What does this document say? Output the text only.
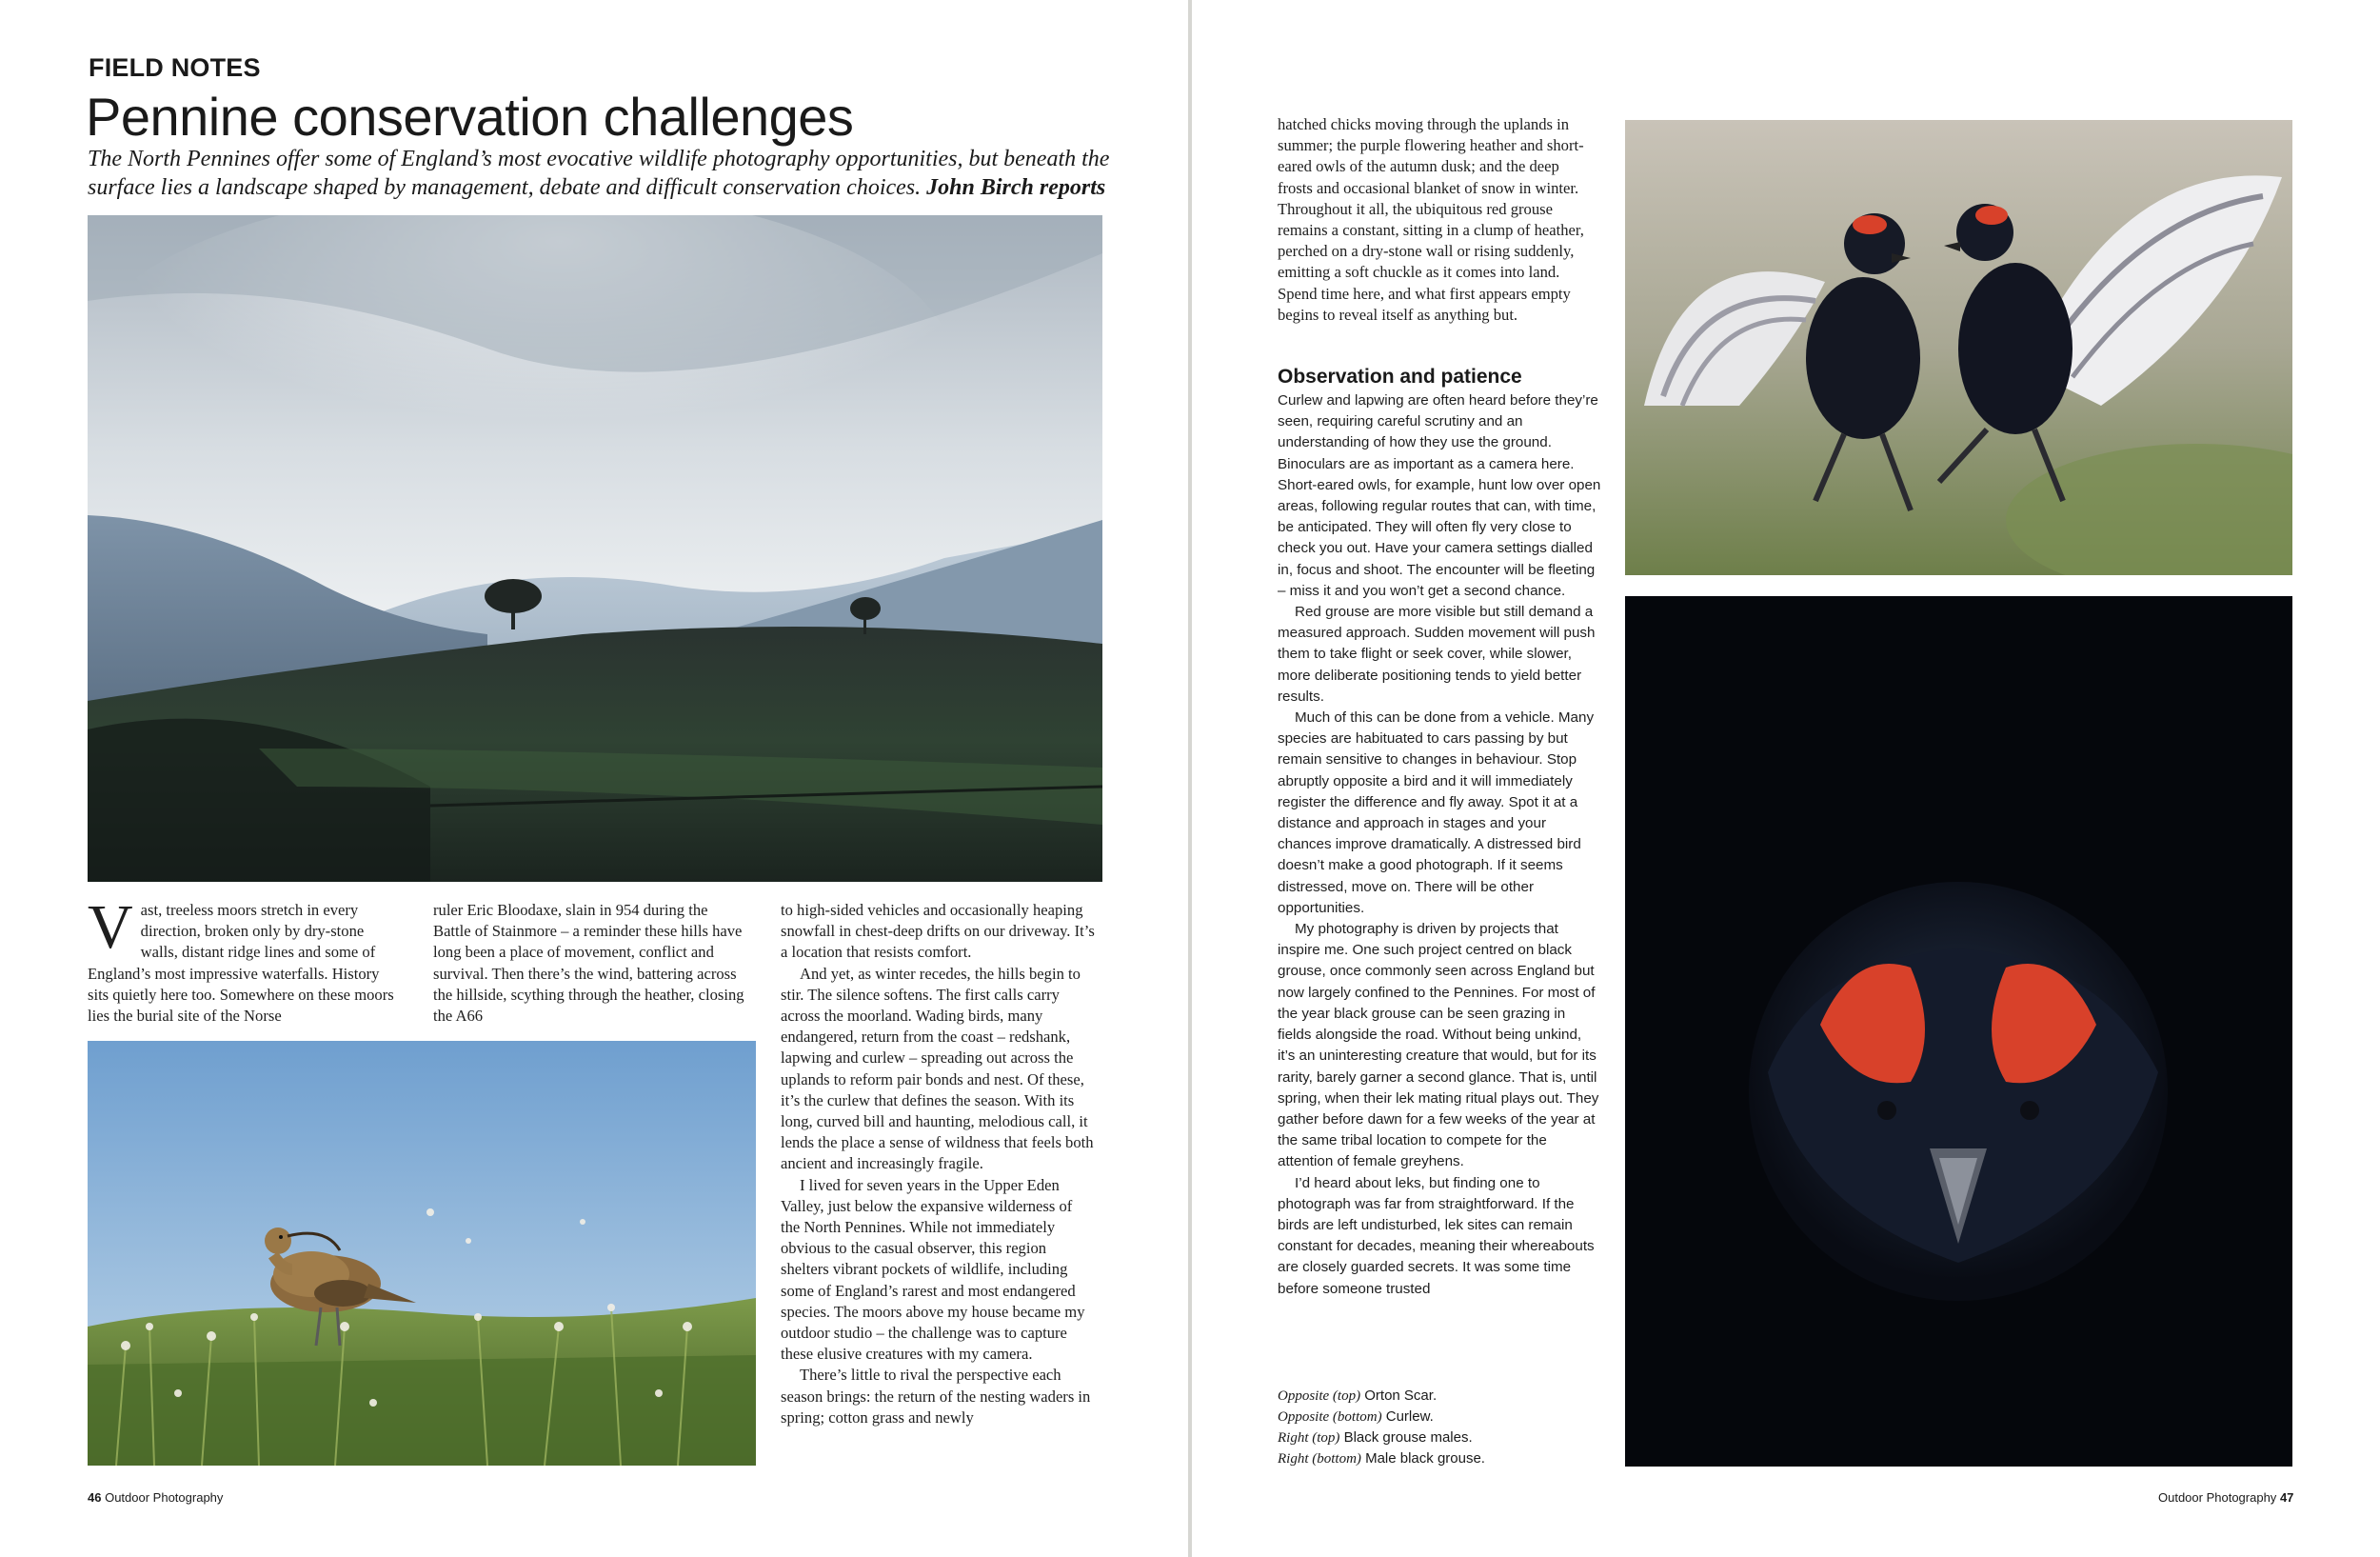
FIELD NOTES
Pennine conservation challenges

The North Pennines offer some of England’s most evocative wildlife photography opportunities, but beneath the surface lies a landscape shaped by management, debate and difficult conservation choices. John Birch reports

Vast, treeless moors stretch in every direction, broken only by dry-stone walls, distant ridge lines and some of England’s most impressive waterfalls. History sits quietly here too. Somewhere on these moors lies the burial site of the Norse

ruler Eric Bloodaxe, slain in 954 during the Battle of Stainmore – a reminder these hills have long been a place of movement, conflict and survival. Then there’s the wind, battering across the hillside, scything through the heather, closing the A66

to high-sided vehicles and occasionally heaping snowfall in chest-deep drifts on our driveway. It’s a location that resists comfort.

And yet, as winter recedes, the hills begin to stir. The silence softens. The first calls carry across the moorland. Wading birds, many endangered, return from the coast – redshank, lapwing and curlew – spreading out across the uplands to reform pair bonds and nest. Of these, it’s the curlew that defines the season. With its long, curved bill and haunting, melodious call, it lends the place a sense of wildness that feels both ancient and increasingly fragile.

I lived for seven years in the Upper Eden Valley, just below the expansive wilderness of the North Pennines. While not immediately obvious to the casual observer, this region shelters vibrant pockets of wildlife, including some of England’s rarest and most endangered species. The moors above my house became my outdoor studio – the challenge was to capture these elusive creatures with my camera.

There’s little to rival the perspective each season brings: the return of the nesting waders in spring; cotton grass and newly

46 Outdoor Photography

hatched chicks moving through the uplands in summer; the purple flowering heather and short-eared owls of the autumn dusk; and the deep frosts and occasional blanket of snow in winter. Throughout it all, the ubiquitous red grouse remains a constant, sitting in a clump of heather, perched on a dry-stone wall or rising suddenly, emitting a soft chuckle as it comes into land. Spend time here, and what first appears empty begins to reveal itself as anything but.

Observation and patience

Curlew and lapwing are often heard before they’re seen, requiring careful scrutiny and an understanding of how they use the ground. Binoculars are as important as a camera here. Short-eared owls, for example, hunt low over open areas, following regular routes that can, with time, be anticipated. They will often fly very close to check you out. Have your camera settings dialled in, focus and shoot. The encounter will be fleeting – miss it and you won’t get a second chance.

Red grouse are more visible but still demand a measured approach. Sudden movement will push them to take flight or seek cover, while slower, more deliberate positioning tends to yield better results.

Much of this can be done from a vehicle. Many species are habituated to cars passing by but remain sensitive to changes in behaviour. Stop abruptly opposite a bird and it will immediately register the difference and fly away. Spot it at a distance and approach in stages and your chances improve dramatically. A distressed bird doesn’t make a good photograph. If it seems distressed, move on. There will be other opportunities.

My photography is driven by projects that inspire me. One such project centred on black grouse, once commonly seen across England but now largely confined to the Pennines. For most of the year black grouse can be seen grazing in fields alongside the road. Without being unkind, it’s an uninteresting creature that would, but for its rarity, barely garner a second glance. That is, until spring, when their lek mating ritual plays out. They gather before dawn for a few weeks of the year at the same tribal location to compete for the attention of female greyhens.

I’d heard about leks, but finding one to photograph was far from straightforward. If the birds are left undisturbed, lek sites can remain constant for decades, meaning their whereabouts are closely guarded secrets. It was some time before someone trusted

Opposite (top) Orton Scar.
Opposite (bottom) Curlew.
Right (top) Black grouse males.
Right (bottom) Male black grouse.
Outdoor Photography 47
